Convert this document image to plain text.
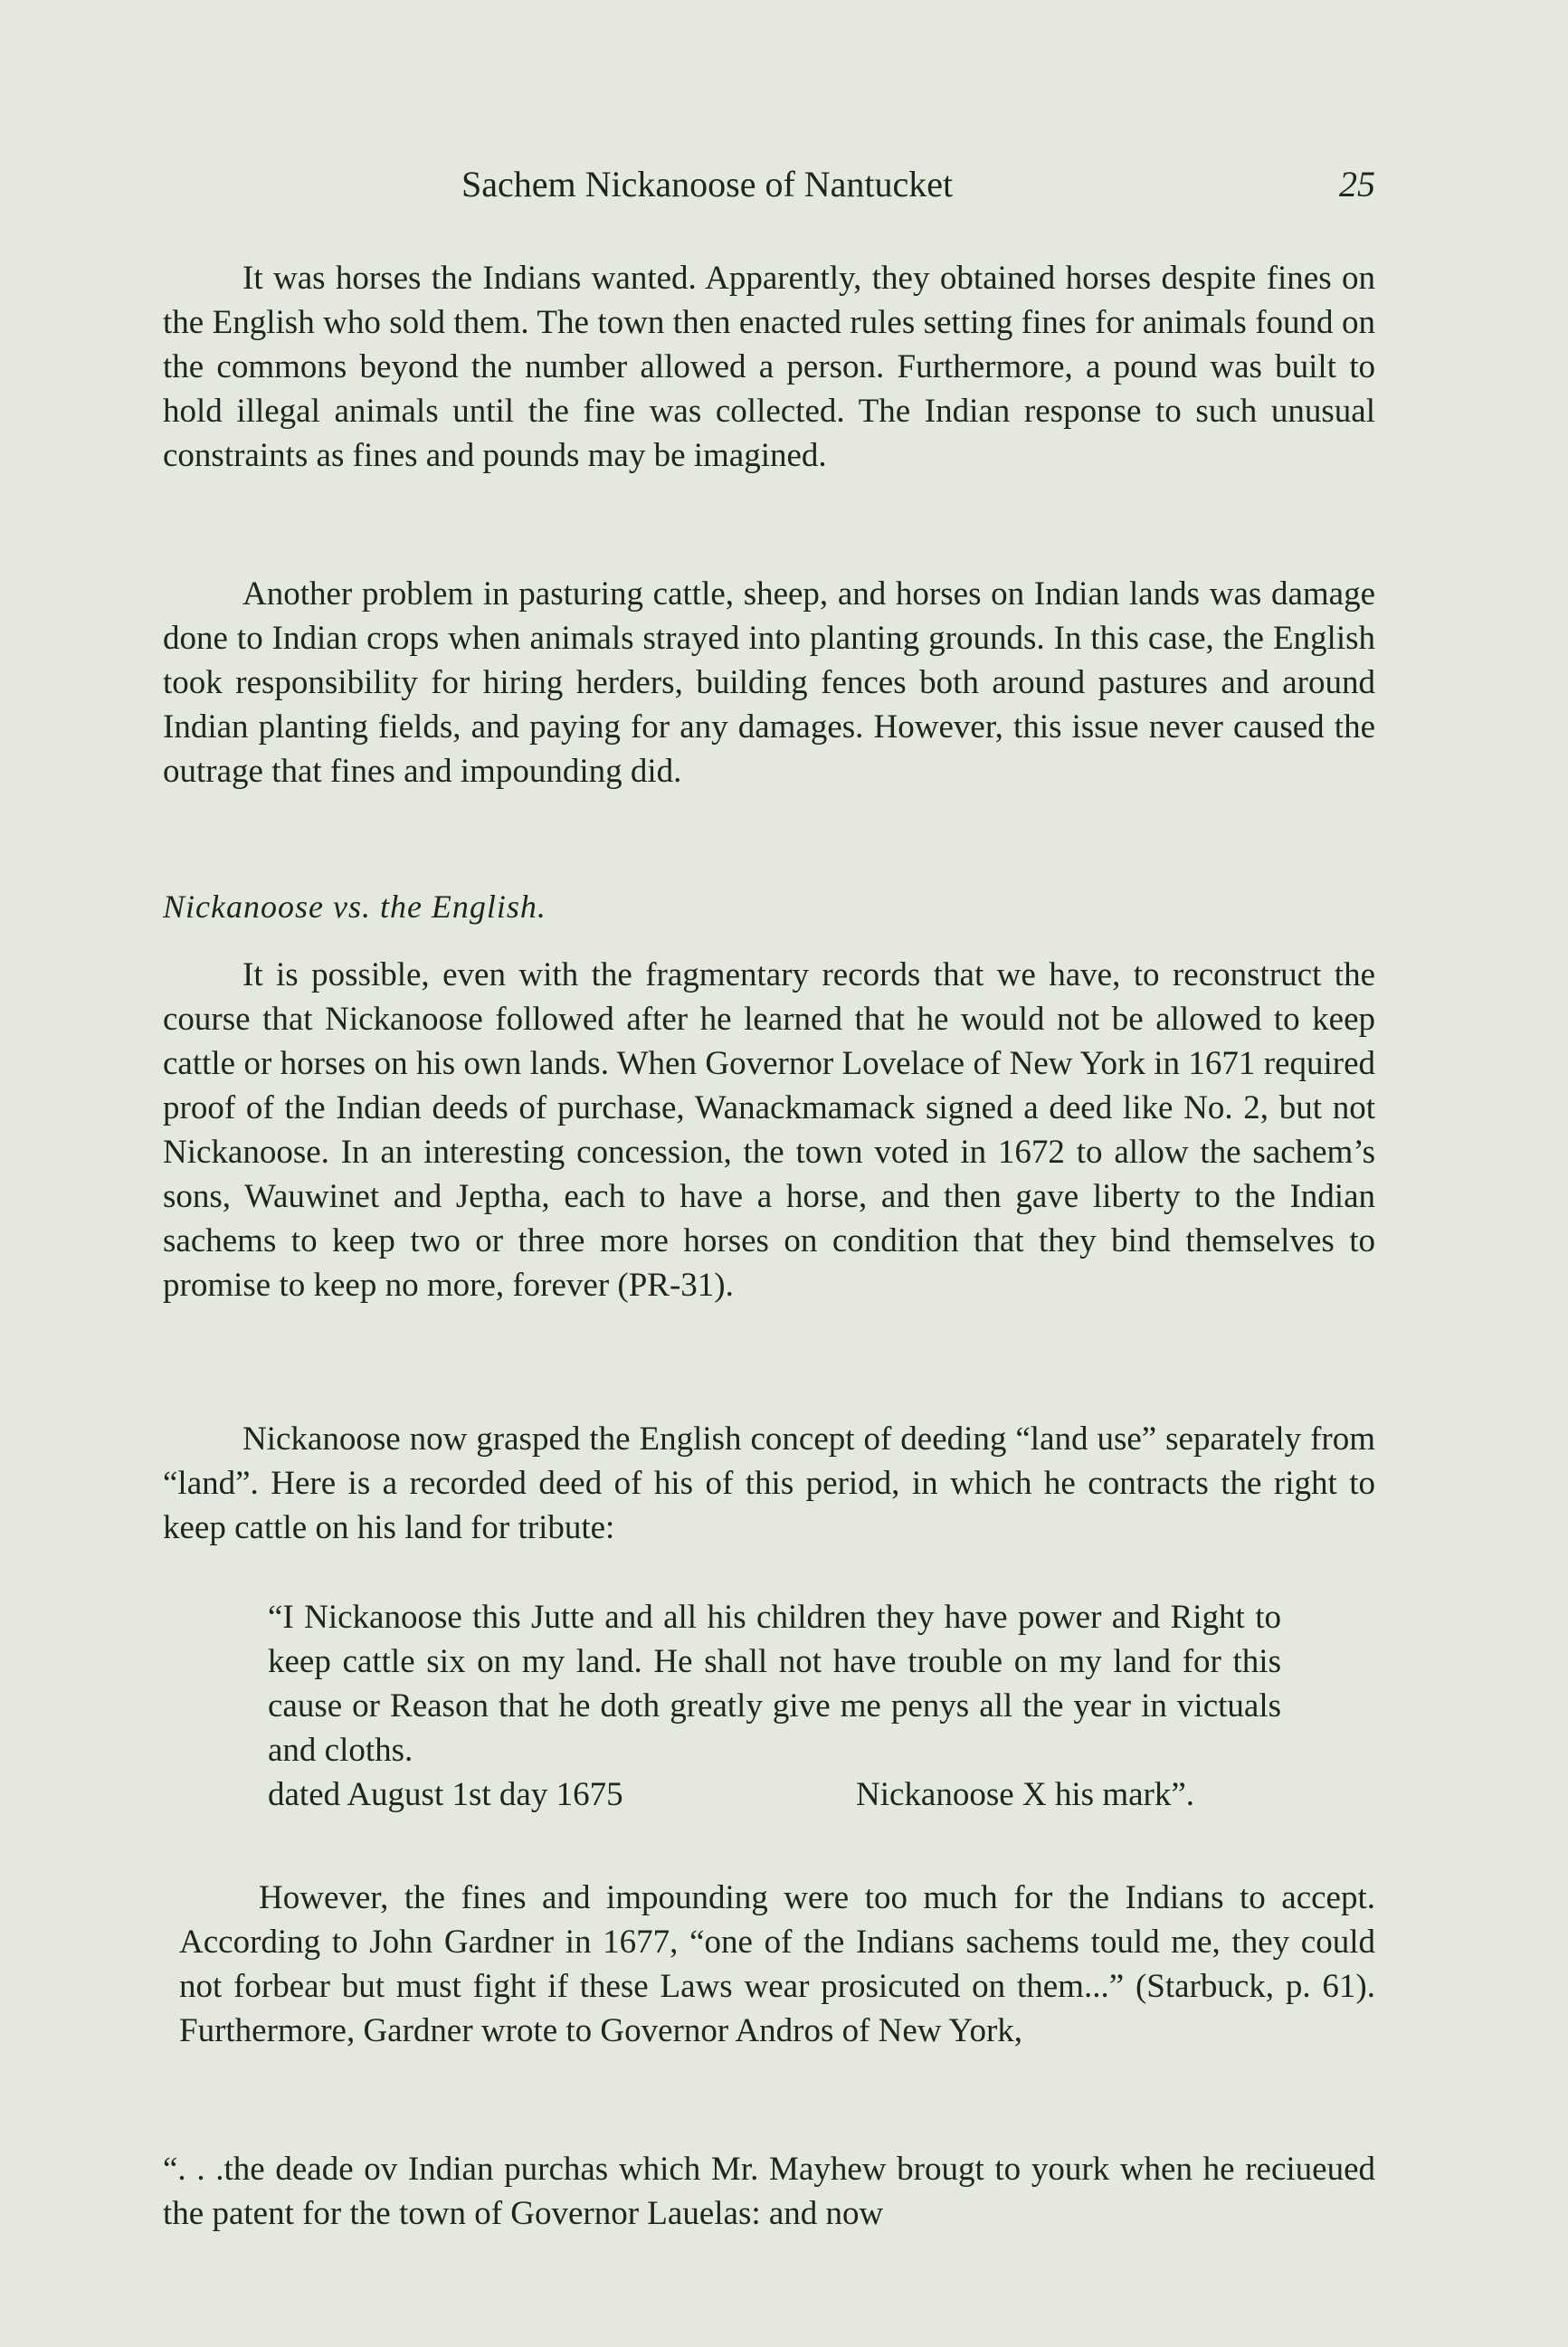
Sachem Nickanoose of Nantucket	25

It was horses the Indians wanted. Apparently, they obtained horses despite fines on the English who sold them. The town then enacted rules setting fines for animals found on the commons beyond the number allowed a person. Furthermore, a pound was built to hold illegal animals until the fine was collected. The Indian response to such unusual constraints as fines and pounds may be imagined.

Another problem in pasturing cattle, sheep, and horses on Indian lands was damage done to Indian crops when animals strayed into planting grounds. In this case, the English took responsibility for hiring herders, building fences both around pastures and around Indian planting fields, and paying for any damages. However, this issue never caused the outrage that fines and impounding did.

Nickanoose vs. the English.

It is possible, even with the fragmentary records that we have, to reconstruct the course that Nickanoose followed after he learned that he would not be allowed to keep cattle or horses on his own lands. When Governor Lovelace of New York in 1671 required proof of the Indian deeds of purchase, Wanackmamack signed a deed like No. 2, but not Nickanoose. In an interesting concession, the town voted in 1672 to allow the sachem’s sons, Wauwinet and Jeptha, each to have a horse, and then gave liberty to the Indian sachems to keep two or three more horses on condition that they bind themselves to promise to keep no more, forever (PR-31).

Nickanoose now grasped the English concept of deeding “land use” separately from “land”. Here is a recorded deed of his of this period, in which he contracts the right to keep cattle on his land for tribute:

“I Nickanoose this Jutte and all his children they have power and Right to keep cattle six on my land. He shall not have trouble on my land for this cause or Reason that he doth greatly give me penys all the year in victuals and cloths.

dated August 1st day 1675	Nickanoose X his mark”.

However, the fines and impounding were too much for the Indians to accept. According to John Gardner in 1677, “one of the Indians sachems tould me, they could not forbear but must fight if these Laws wear prosicuted on them...” (Starbuck, p. 61). Furthermore, Gardner wrote to Governor Andros of New York,

“. . .the deade ov Indian purchas which Mr. Mayhew brougt to yourk when he reciueued the patent for the town of Governor Lauelas: and now
